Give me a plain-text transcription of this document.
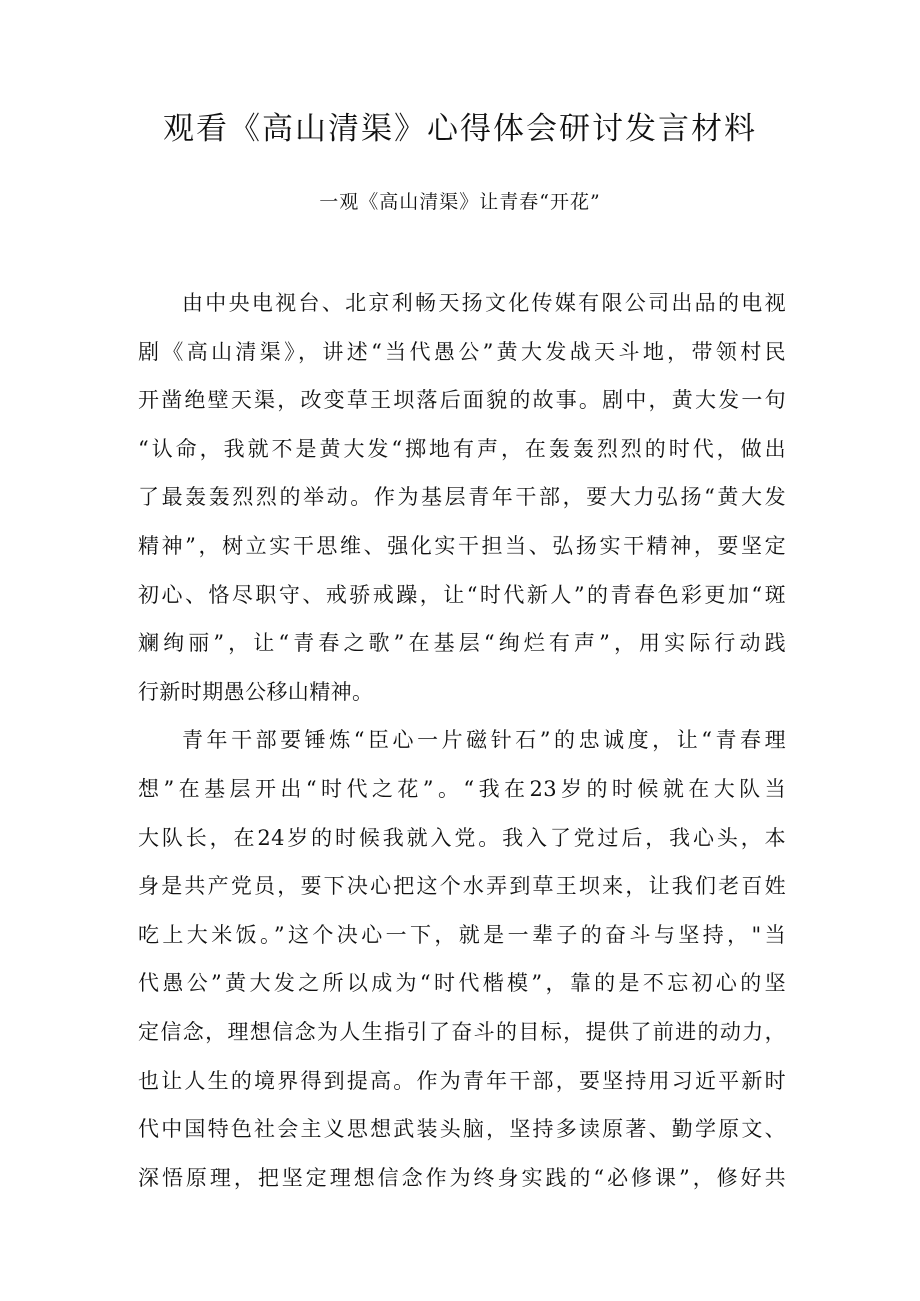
观看《高山清渠》心得体会研讨发言材料
一观《高山清渠》让青春“开花”

由中央电视台、北京利畅天扬文化传媒有限公司出品的电视
剧《高山清渠》，讲述“当代愚公”黄大发战天斗地，带领村民
开凿绝壁天渠，改变草王坝落后面貌的故事。剧中，黄大发一句
“认命，我就不是黄大发“掷地有声，在轰轰烈烈的时代，做出
了最轰轰烈烈的举动。作为基层青年干部，要大力弘扬“黄大发
精神”，树立实干思维、强化实干担当、弘扬实干精神，要坚定
初心、恪尽职守、戒骄戒躁，让“时代新人”的青春色彩更加“斑
斓绚丽”，让“青春之歌”在基层“绚烂有声”，用实际行动践
行新时期愚公移山精神。

青年干部要锤炼“臣心一片磁针石”的忠诚度，让“青春理
想”在基层开出“时代之花”。“我在23岁的时候就在大队当
大队长，在24岁的时候我就入党。我入了党过后，我心头，本
身是共产党员，要下决心把这个水弄到草王坝来，让我们老百姓
吃上大米饭。”这个决心一下，就是一辈子的奋斗与坚持，"当
代愚公”黄大发之所以成为“时代楷模”，靠的是不忘初心的坚
定信念，理想信念为人生指引了奋斗的目标，提供了前进的动力，
也让人生的境界得到提高。作为青年干部，要坚持用习近平新时
代中国特色社会主义思想武装头脑，坚持多读原著、勤学原文、
深悟原理，把坚定理想信念作为终身实践的“必修课”，修好共
